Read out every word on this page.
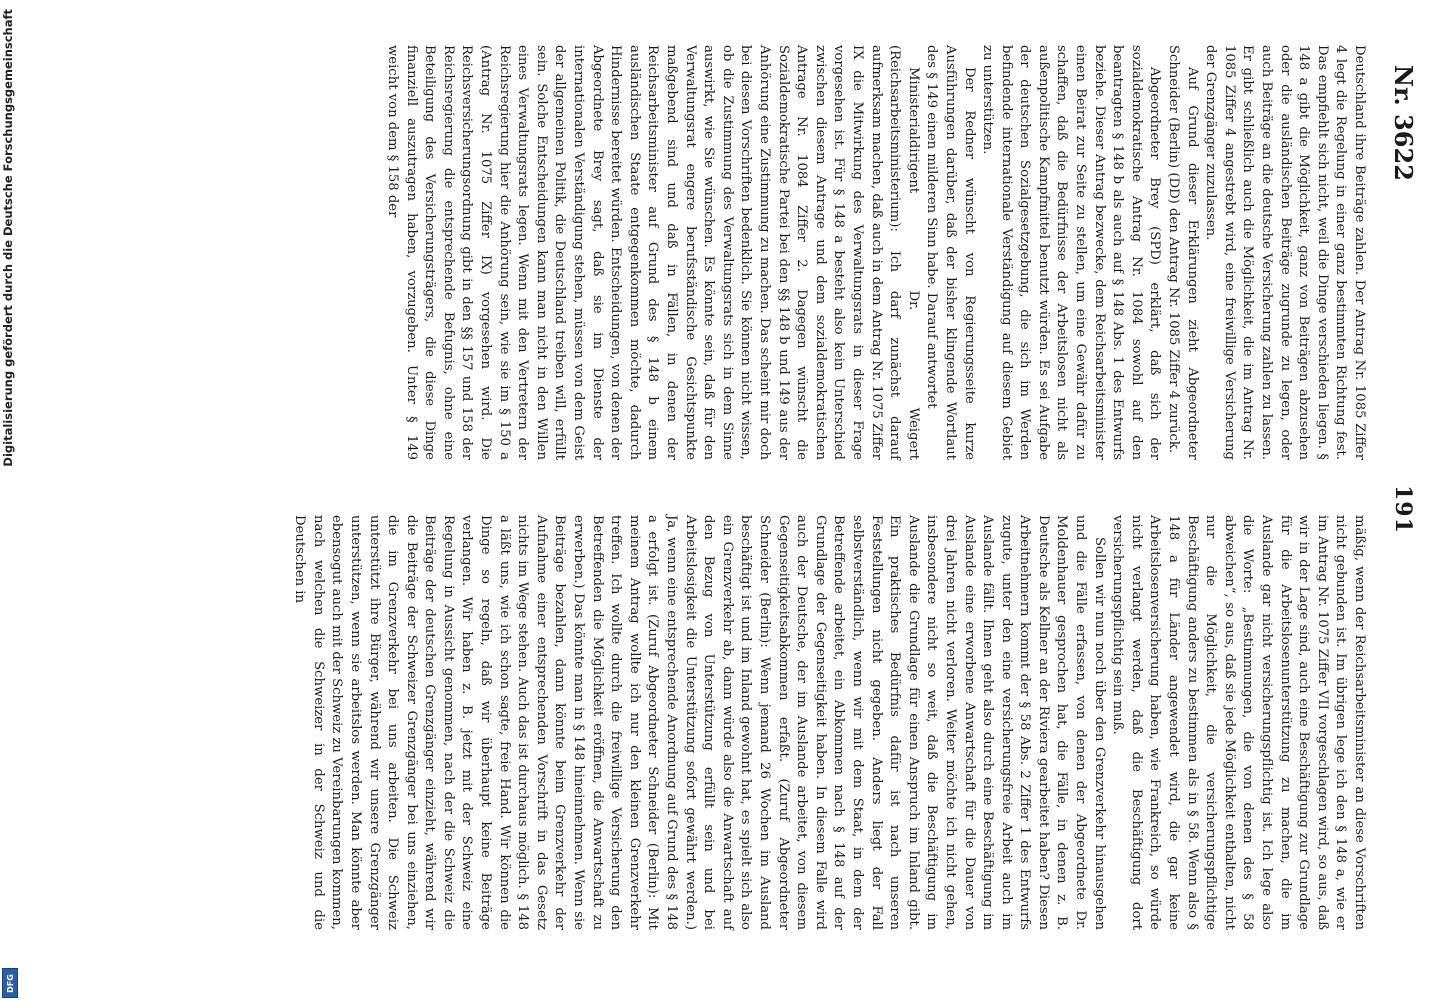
Digitalisierung gefördert durch die Deutsche Forschungsgemeinschaft
DFG
Nr. 3622
191

mäßig, wenn der Reichsarbeitsminister an diese Vorschriften nicht gebunden ist. Im übrigen lege ich den § 148 a, wie er im Antrag Nr. 1075 Ziffer VII vorgeschlagen wird, so aus, daß wir in der Lage sind, auch eine Beschäftigung zur Grundlage für die Arbeitslosenunterstützung zu machen, die im Auslande gar nicht versicherungspflichtig ist. Ich lege also die Worte: „Bestimmungen, die von denen des § 58 abweichen“, so aus, daß sie jede Möglichkeit enthalten, nicht nur die Möglichkeit, die versicherungspflichtige Beschäftigung anders zu bestimmen als in § 58. Wenn also § 148 a für Länder angewendet wird, die gar keine Arbeitslosenversicherung haben, wie Frankreich, so würde nicht verlangt werden, daß die Beschäftigung dort versicherungspflichtig sein muß.

Sollen wir nun noch über den Grenzverkehr hinausgehen und die Fälle erfassen, von denen der Abgeordnete Dr. Moldenhauer gesprochen hat, die Fälle, in denen z. B. Deutsche als Kellner an der Riviera gearbeitet haben? Diesen Arbeitnehmern kommt der § 58 Abs. 2 Ziffer 1 des Entwurfs zugute, unter den eine versicherungsfreie Arbeit auch im Auslande fällt. Ihnen geht also durch eine Beschäftigung im Auslande eine erworbene Anwartschaft für die Dauer von drei Jahren nicht verloren. Weiter möchte ich nicht gehen, insbesondere nicht so weit, daß die Beschäftigung im Auslande die Grundlage für einen Anspruch im Inland gibt. Ein praktisches Bedürfnis dafür ist nach unseren Feststellungen nicht gegeben. Anders liegt der Fall selbstverständlich, wenn wir mit dem Staat, in dem der Betreffende arbeitet, ein Abkommen nach § 148 auf der Grundlage der Gegenseitigkeit haben. In diesem Falle wird auch der Deutsche, der im Auslande arbeitet, von diesem Gegenseitigkeitsabkommen erfaßt. (Zuruf Abgeordneter Schneider (Berlin): Wenn jemand 26 Wochen im Ausland beschäftigt ist und im Inland gewohnt hat, es spielt sich also ein Grenzverkehr ab, dann würde also die Anwartschaft auf den Bezug von Unterstützung erfüllt sein und bei Arbeitslosigkeit die Unterstützung sofort gewährt werden.) Ja, wenn eine entsprechende Anordnung auf Grund des § 148 a erfolgt ist. (Zuruf Abgeordneter Schneider (Berlin): Mit meinem Antrag wollte ich nur den kleinen Grenzverkehr treffen. Ich wollte durch die freiwillige Versicherung den Betreffenden die Möglichkeit eröffnen, die Anwartschaft zu erwerben.) Das könnte man in § 148 hineinnehmen. Wenn sie Beiträge bezahlen, dann könnte beim Grenzverkehr der Aufnahme einer entsprechenden Vorschrift in das Gesetz nichts im Wege stehen. Auch das ist durchaus möglich. § 148 a läßt uns, wie ich schon sagte, freie Hand. Wir können die Dinge so regeln, daß wir überhaupt keine Beiträge verlangen. Wir haben z. B. jetzt mit der Schweiz eine Regelung in Aussicht genommen, nach der die Schweiz die Beiträge der deutschen Grenzgänger einzieht, während wir die Beiträge der Schweizer Grenzgänger bei uns einziehen, die im Grenzverkehr bei uns arbeiten. Die Schweiz unterstützt ihre Bürger, während wir unsere Grenzgänger unterstützen, wenn sie arbeitslos werden. Man könnte aber ebensogut auch mit der Schweiz zu Vereinbarungen kommen, nach welchen die Schweizer in der Schweiz und die Deutschen in

Deutschland ihre Beiträge zahlen. Der Antrag Nr. 1085 Ziffer 4 legt die Regelung in einer ganz bestimmten Richtung fest. Das empfiehlt sich nicht, weil die Dinge verschieden liegen. § 148 a gibt die Möglichkeit, ganz von Beiträgen abzusehen oder die ausländischen Beiträge zugrunde zu legen, oder auch Beiträge an die deutsche Versicherung zahlen zu lassen. Er gibt schließlich auch die Möglichkeit, die im Antrag Nr. 1085 Ziffer 4 angestrebt wird, eine freiwillige Versicherung der Grenzgänger zuzulassen.

Auf Grund dieser Erklärungen zieht Abgeordneter Schneider (Berlin) (DD) den Antrag Nr. 1085 Ziffer 4 zurück.

Abgeordneter Brey (SPD) erklärt, daß sich der sozialdemokratische Antrag Nr. 1084 sowohl auf den beantragten § 148 b als auch auf § 148 Abs. 1 des Entwurfs beziehe. Dieser Antrag bezwecke, dem Reichsarbeitsminister einen Beirat zur Seite zu stellen, um eine Gewähr dafür zu schaffen, daß die Bedürfnisse der Arbeitslosen nicht als außenpolitische Kampfmittel benutzt würden. Es sei Aufgabe der deutschen Sozialgesetzgebung, die sich im Werden befindende internationale Verständigung auf diesem Gebiet zu unterstützen.

Der Redner wünscht von Regierungsseite kurze Ausführungen darüber, daß der bisher klingende Wortlaut des § 149 einen milderen Sinn habe. Darauf antwortet

Ministerialdirigent Dr. Weigert (Reichsarbeitsministerium): Ich darf zunächst darauf aufmerksam machen, daß auch in dem Antrag Nr. 1075 Ziffer IX die Mitwirkung des Verwaltungsrats in dieser Frage vorgesehen ist. Für § 148 a besteht also kein Unterschied zwischen diesem Antrage und dem sozialdemokratischen Antrage Nr. 1084 Ziffer 2. Dagegen wünscht die Sozialdemokratische Partei bei den §§ 148 b und 149 aus der Anhörung eine Zustimmung zu machen. Das scheint mir doch bei diesen Vorschriften bedenklich. Sie können nicht wissen, ob die Zustimmung des Verwaltungsrats sich in dem Sinne auswirkt, wie Sie wünschen. Es könnte sein, daß für den Verwaltungsrat engere berufsständische Gesichtspunkte maßgebend sind und daß in Fällen, in denen der Reichsarbeitsminister auf Grund des § 148 b einem ausländischen Staate entgegenkommen möchte, dadurch Hindernisse bereitet würden. Entscheidungen, von denen der Abgeordnete Brey sagt, daß sie im Dienste der internationalen Verständigung stehen, müssen von dem Geist der allgemeinen Politik, die Deutschland treiben will, erfüllt sein. Solche Entscheidungen kann man nicht in den Willen eines Verwaltungsrats legen. Wenn mit den Vertretern der Reichsregierung hier die Anhörung sein, wie sie im § 150 a (Antrag Nr. 1075 Ziffer IX) vorgesehen wird. Die Reichsversicherungsordnung gibt in den §§ 157 und 158 der Reichsregierung die entsprechende Befugnis, ohne eine Beteiligung des Versicherungsträgers, die diese Dinge finanziell auszutragen haben, vorzugeben. Unter § 149 weicht von dem § 158 der
